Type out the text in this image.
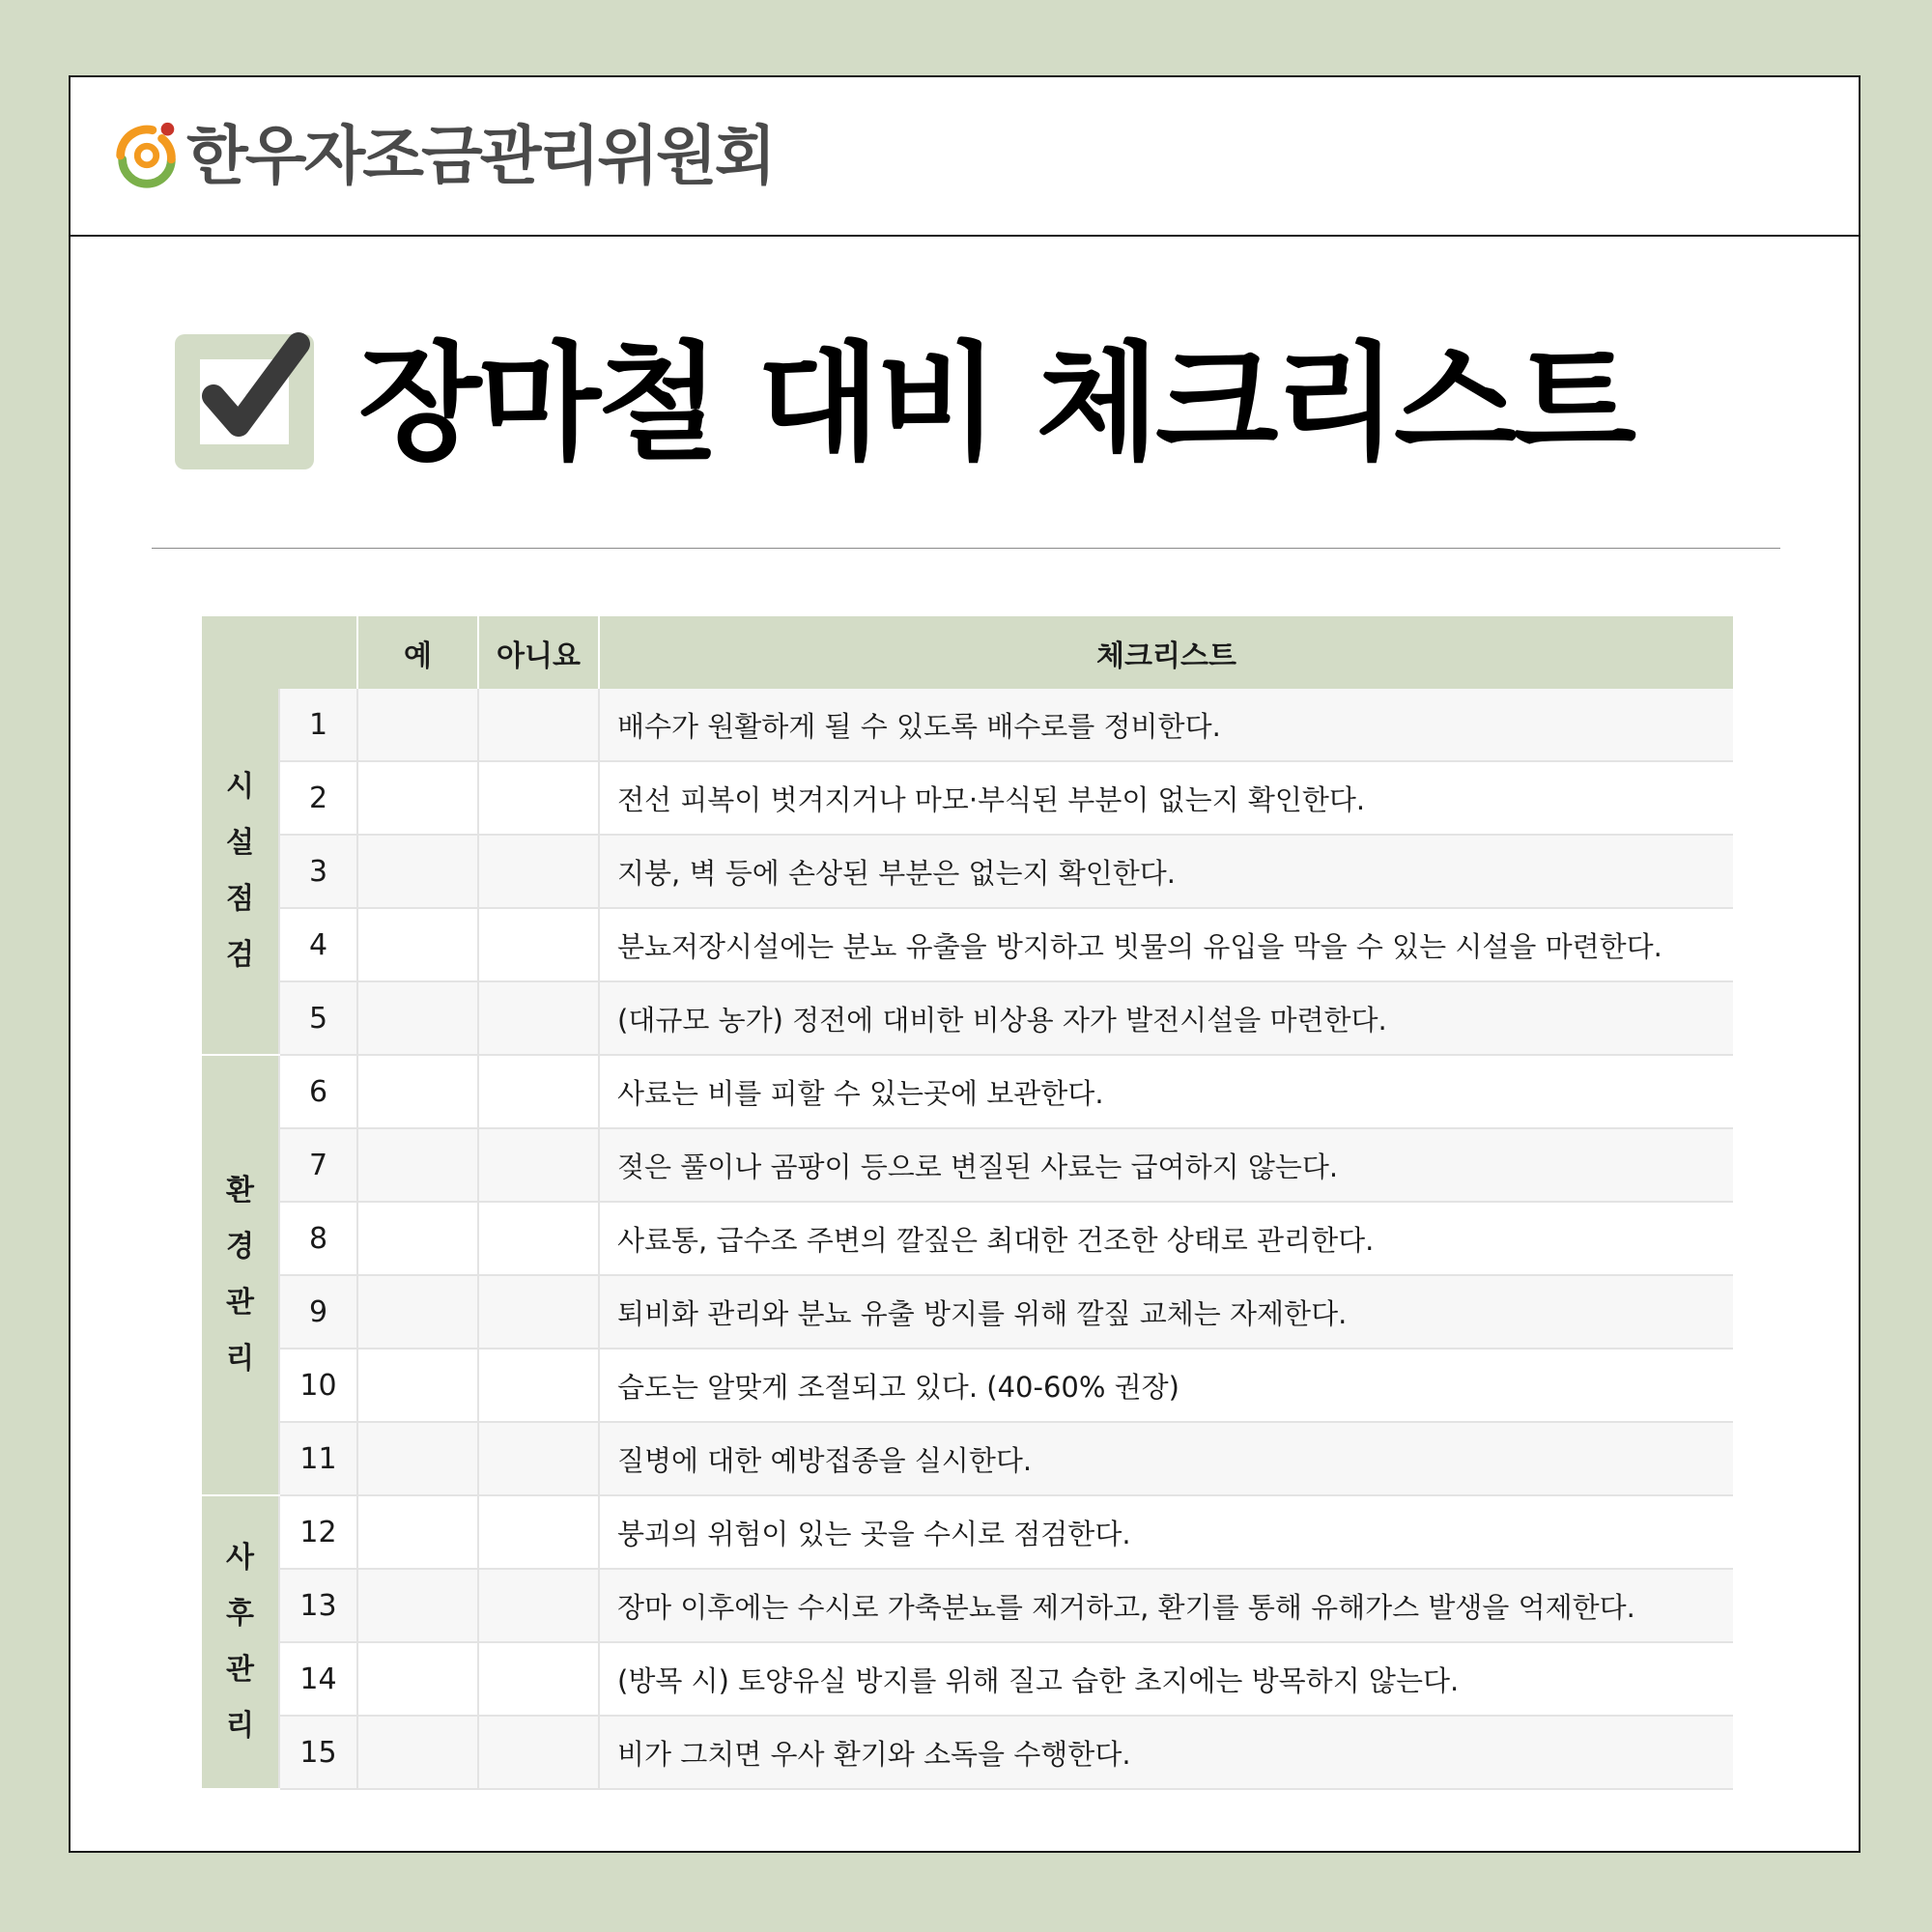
한우자조금관리위원회
장마철 대비 체크리스트
		예	아니요	체크리스트
시설점검	1			배수가 원활하게 될 수 있도록 배수로를 정비한다.
	2			전선 피복이 벗겨지거나 마모·부식된 부분이 없는지 확인한다.
	3			지붕, 벽 등에 손상된 부분은 없는지 확인한다.
	4			분뇨저장시설에는 분뇨 유출을 방지하고 빗물의 유입을 막을 수 있는 시설을 마련한다.
	5			(대규모 농가) 정전에 대비한 비상용 자가 발전시설을 마련한다.
환경관리	6			사료는 비를 피할 수 있는곳에 보관한다.
	7			젖은 풀이나 곰팡이 등으로 변질된 사료는 급여하지 않는다.
	8			사료통, 급수조 주변의 깔짚은 최대한 건조한 상태로 관리한다.
	9			퇴비화 관리와 분뇨 유출 방지를 위해 깔짚 교체는 자제한다.
	10			습도는 알맞게 조절되고 있다. (40-60% 권장)
	11			질병에 대한 예방접종을 실시한다.
사후관리	12			붕괴의 위험이 있는 곳을 수시로 점검한다.
	13			장마 이후에는 수시로 가축분뇨를 제거하고, 환기를 통해 유해가스 발생을 억제한다.
	14			(방목 시) 토양유실 방지를 위해 질고 습한 초지에는 방목하지 않는다.
	15			비가 그치면 우사 환기와 소독을 수행한다.
